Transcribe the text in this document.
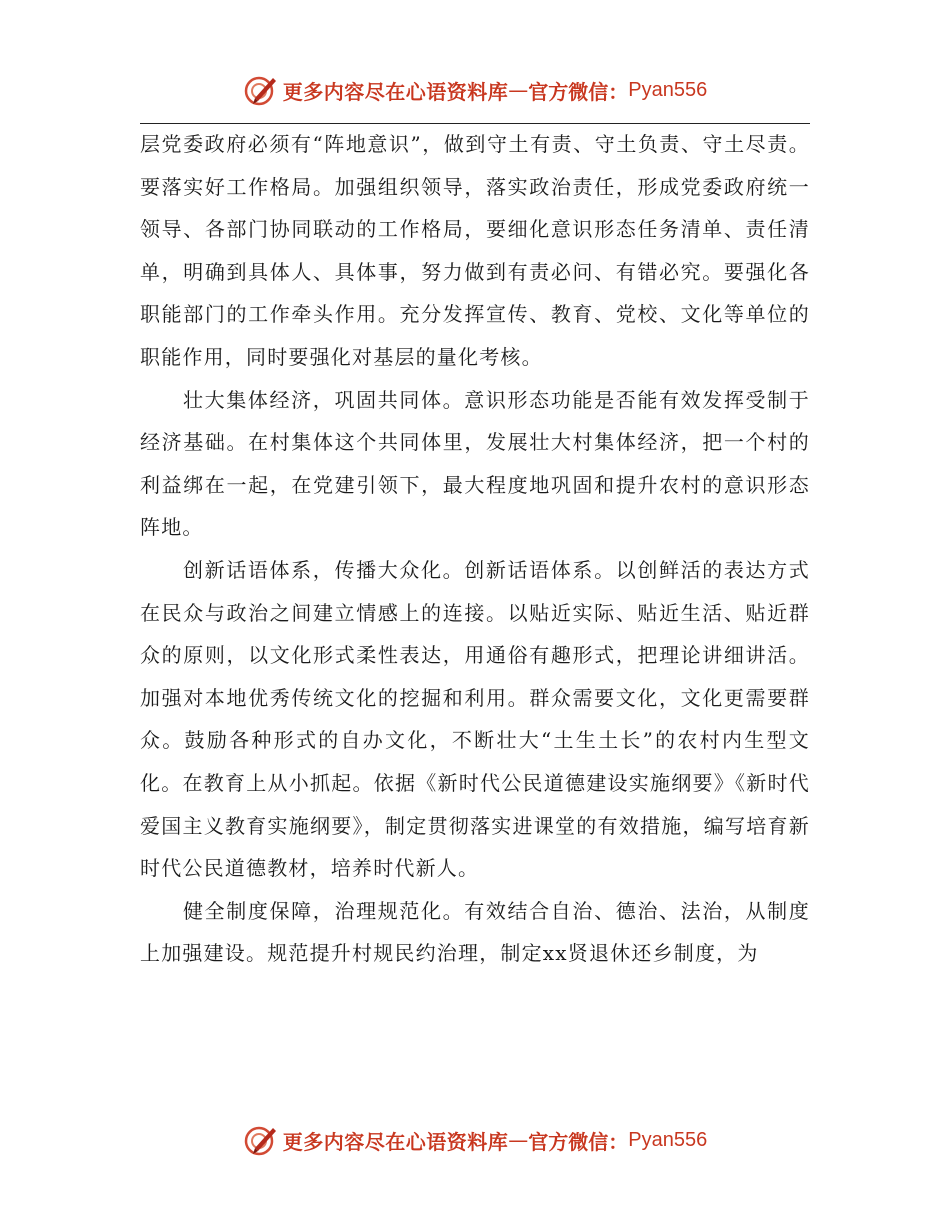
更多内容尽在心语资料库 — 官方微信： Pyan556

层党委政府必须有“阵地意识”，做到守土有责、守土负责、守土尽责。要落实好工作格局。加强组织领导，落实政治责任，形成党委政府统一领导、各部门协同联动的工作格局，要细化意识形态任务清单、责任清单，明确到具体人、具体事，努力做到有责必问、有错必究。要强化各职能部门的工作牵头作用。充分发挥宣传、教育、党校、文化等单位的职能作用，同时要强化对基层的量化考核。

壮大集体经济，巩固共同体。意识形态功能是否能有效发挥受制于经济基础。在村集体这个共同体里，发展壮大村集体经济，把一个村的利益绑在一起，在党建引领下，最大程度地巩固和提升农村的意识形态阵地。

创新话语体系，传播大众化。创新话语体系。以创鲜活的表达方式在民众与政治之间建立情感上的连接。以贴近实际、贴近生活、贴近群众的原则，以文化形式柔性表达，用通俗有趣形式，把理论讲细讲活。加强对本地优秀传统文化的挖掘和利用。群众需要文化，文化更需要群众。鼓励各种形式的自办文化，不断壮大“土生土长”的农村内生型文化。在教育上从小抓起。依据《新时代公民道德建设实施纲要》《新时代爱国主义教育实施纲要》，制定贯彻落实进课堂的有效措施，编写培育新时代公民道德教材，培养时代新人。

健全制度保障，治理规范化。有效结合自治、德治、法治，从制度上加强建设。规范提升村规民约治理，制定xx贤退休还乡制度，为

更多内容尽在心语资料库 — 官方微信： Pyan556
